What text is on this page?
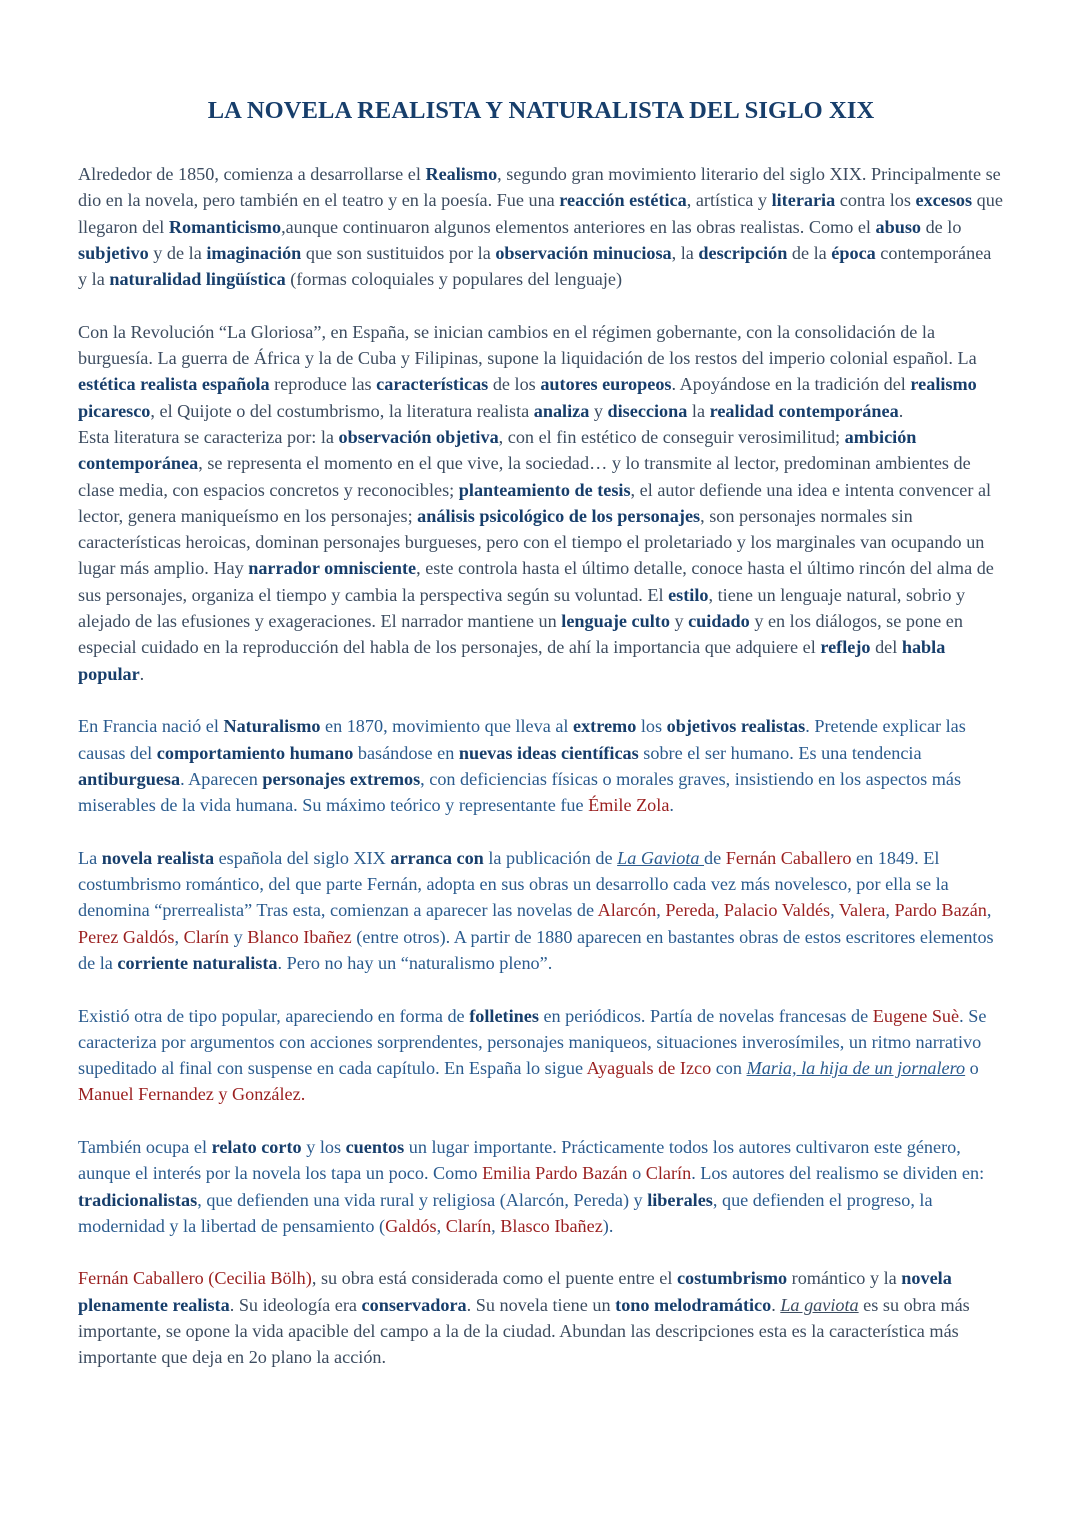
LA NOVELA REALISTA Y NATURALISTA DEL SIGLO XIX

Alrededor de 1850, comienza a desarrollarse el Realismo, segundo gran movimiento literario del siglo XIX. Principalmente se dio en la novela, pero también en el teatro y en la poesía. Fue una reacción estética, artística y literaria contra los excesos que llegaron del Romanticismo,aunque continuaron algunos elementos anteriores en las obras realistas. Como el abuso de lo subjetivo y de la imaginación que son sustituidos por la observación minuciosa, la descripción de la época contemporánea y la naturalidad lingüística (formas coloquiales y populares del lenguaje)

Con la Revolución “La Gloriosa”, en España, se inician cambios en el régimen gobernante, con la consolidación de la burguesía. La guerra de África y la de Cuba y Filipinas, supone la liquidación de los restos del imperio colonial español. La estética realista española reproduce las características de los autores europeos. Apoyándose en la tradición del realismo picaresco, el Quijote o del costumbrismo, la literatura realista analiza y disecciona la realidad contemporánea.

Esta literatura se caracteriza por: la observación objetiva, con el fin estético de conseguir verosimilitud; ambición contemporánea, se representa el momento en el que vive, la sociedad… y lo transmite al lector, predominan ambientes de clase media, con espacios concretos y reconocibles; planteamiento de tesis, el autor defiende una idea e intenta convencer al lector, genera maniqueísmo en los personajes; análisis psicológico de los personajes, son personajes normales sin características heroicas, dominan personajes burgueses, pero con el tiempo el proletariado y los marginales van ocupando un lugar más amplio. Hay narrador omnisciente, este controla hasta el último detalle, conoce hasta el último rincón del alma de sus personajes, organiza el tiempo y cambia la perspectiva según su voluntad. El estilo, tiene un lenguaje natural, sobrio y alejado de las efusiones y exageraciones. El narrador mantiene un lenguaje culto y cuidado y en los diálogos, se pone en especial cuidado en la reproducción del habla de los personajes, de ahí la importancia que adquiere el reflejo del habla popular.

En Francia nació el Naturalismo en 1870, movimiento que lleva al extremo los objetivos realistas. Pretende explicar las causas del comportamiento humano basándose en nuevas ideas científicas sobre el ser humano. Es una tendencia antiburguesa. Aparecen personajes extremos, con deficiencias físicas o morales graves, insistiendo en los aspectos más miserables de la vida humana. Su máximo teórico y representante fue Émile Zola.

La novela realista española del siglo XIX arranca con la publicación de La Gaviota de Fernán Caballero en 1849. El costumbrismo romántico, del que parte Fernán, adopta en sus obras un desarrollo cada vez más novelesco, por ella se la denomina “prerrealista” Tras esta, comienzan a aparecer las novelas de Alarcón, Pereda, Palacio Valdés, Valera, Pardo Bazán, Perez Galdós, Clarín y Blanco Ibañez (entre otros). A partir de 1880 aparecen en bastantes obras de estos escritores elementos de la corriente naturalista. Pero no hay un “naturalismo pleno”.

Existió otra de tipo popular, apareciendo en forma de folletines en periódicos. Partía de novelas francesas de Eugene Suè. Se caracteriza por argumentos con acciones sorprendentes, personajes maniqueos, situaciones inverosímiles, un ritmo narrativo supeditado al final con suspense en cada capítulo. En España lo sigue Ayaguals de Izco con Maria, la hija de un jornalero o Manuel Fernandez y González.

También ocupa el relato corto y los cuentos un lugar importante. Prácticamente todos los autores cultivaron este género, aunque el interés por la novela los tapa un poco. Como Emilia Pardo Bazán o Clarín. Los autores del realismo se dividen en: tradicionalistas, que defienden una vida rural y religiosa (Alarcón, Pereda) y liberales, que defienden el progreso, la modernidad y la libertad de pensamiento (Galdós, Clarín, Blasco Ibañez).

Fernán Caballero (Cecilia Bölh), su obra está considerada como el puente entre el costumbrismo romántico y la novela plenamente realista. Su ideología era conservadora. Su novela tiene un tono melodramático. La gaviota es su obra más importante, se opone la vida apacible del campo a la de la ciudad. Abundan las descripciones esta es la característica más importante que deja en 2o plano la acción.
